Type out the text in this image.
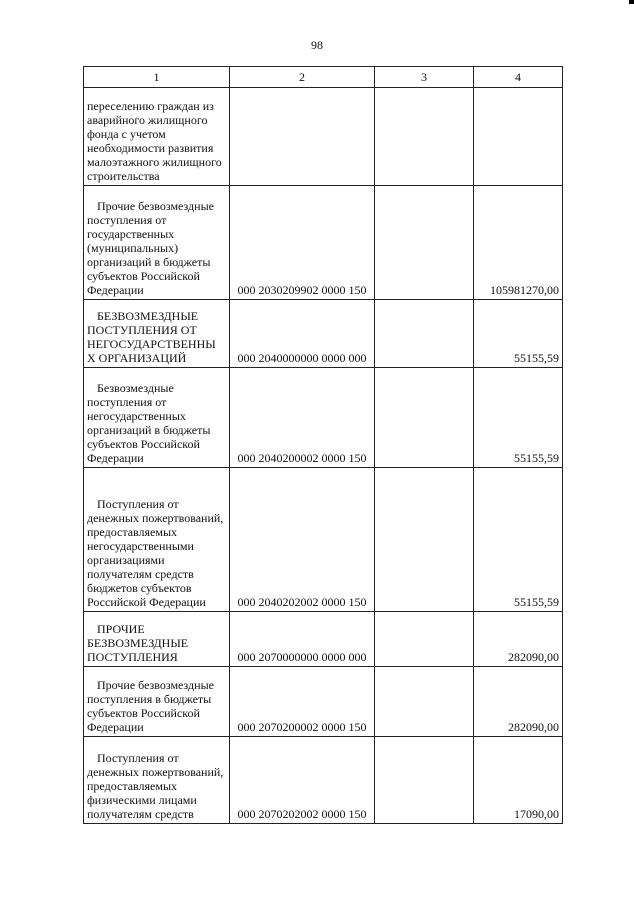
98
1	2	3	4
переселению граждан из аварийного жилищного фонда с учетом необходимости развития малоэтажного жилищного строительства			
Прочие безвозмездные поступления от государственных (муниципальных) организаций в бюджеты субъектов Российской Федерации	000 2030209902 0000 150		105981270,00
БЕЗВОЗМЕЗДНЫЕ ПОСТУПЛЕНИЯ ОТ НЕГОСУДАРСТВЕННЫ Х ОРГАНИЗАЦИЙ	000 2040000000 0000 000		55155,59
Безвозмездные поступления от негосударственных организаций в бюджеты субъектов Российской Федерации	000 2040200002 0000 150		55155,59
Поступления от денежных пожертвований, предоставляемых негосударственными организациями получателям средств бюджетов субъектов Российской Федерации	000 2040202002 0000 150		55155,59
ПРОЧИЕ БЕЗВОЗМЕЗДНЫЕ ПОСТУПЛЕНИЯ	000 2070000000 0000 000		282090,00
Прочие безвозмездные поступления в бюджеты субъектов Российской Федерации	000 2070200002 0000 150		282090,00
Поступления от денежных пожертвований, предоставляемых физическими лицами получателям средств	000 2070202002 0000 150		17090,00
